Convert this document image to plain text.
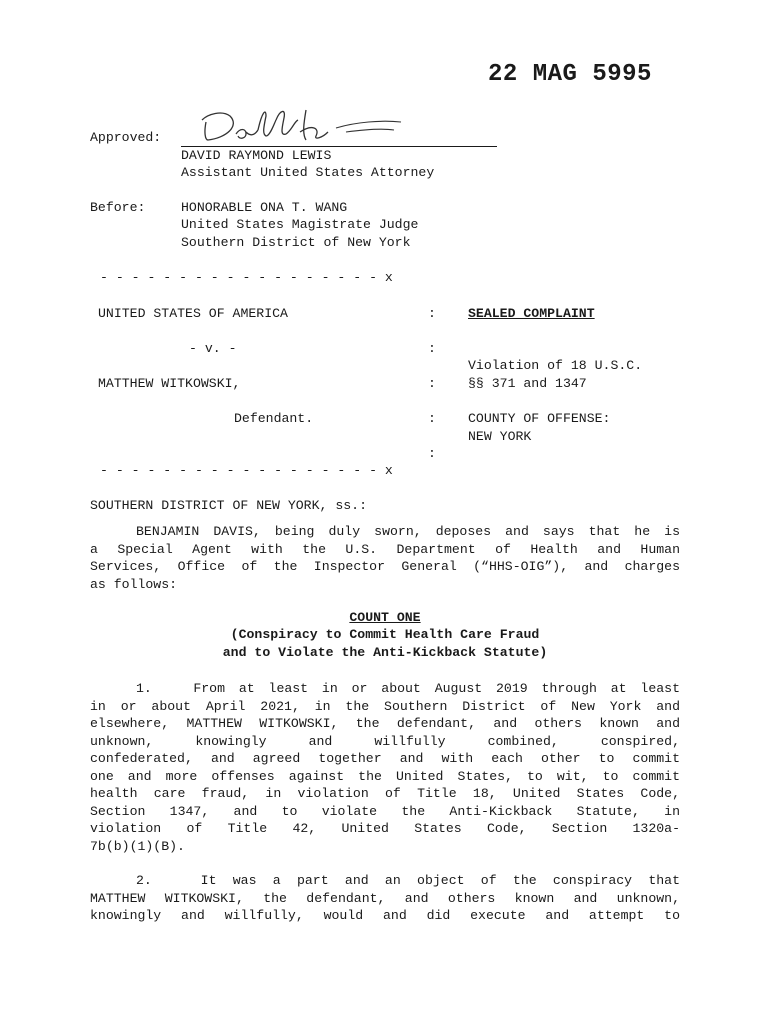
22 MAG 5995
Approved:
DAVID RAYMOND LEWIS
Assistant United States Attorney
Before:	HONORABLE ONA T. WANG
United States Magistrate Judge
Southern District of New York
- - - - - - - - - - - - - - - - - - x
UNITED STATES OF AMERICA	: SEALED COMPLAINT
- v. -	:
Violation of 18 U.S.C.
MATTHEW WITKOWSKI,	: §§ 371 and 1347
Defendant.	: COUNTY OF OFFENSE:
NEW YORK
:
- - - - - - - - - - - - - - - - - - x
SOUTHERN DISTRICT OF NEW YORK, ss.:
BENJAMIN DAVIS, being duly sworn, deposes and says that he is
a Special Agent with the U.S. Department of Health and Human
Services, Office of the Inspector General (“HHS-OIG”), and charges
as follows:
COUNT ONE
(Conspiracy to Commit Health Care Fraud
and to Violate the Anti-Kickback Statute)
1.   From at least in or about August 2019 through at least
in or about April 2021, in the Southern District of New York and
elsewhere, MATTHEW WITKOWSKI, the defendant, and others known and
unknown, knowingly and willfully combined, conspired,
confederated, and agreed together and with each other to commit
one and more offenses against the United States, to wit, to commit
health care fraud, in violation of Title 18, United States Code,
Section 1347, and to violate the Anti-Kickback Statute, in
violation of Title 42, United States Code, Section 1320a-
7b(b)(1)(B).
2.   It was a part and an object of the conspiracy that
MATTHEW WITKOWSKI, the defendant, and others known and unknown,
knowingly and willfully, would and did execute and attempt to
